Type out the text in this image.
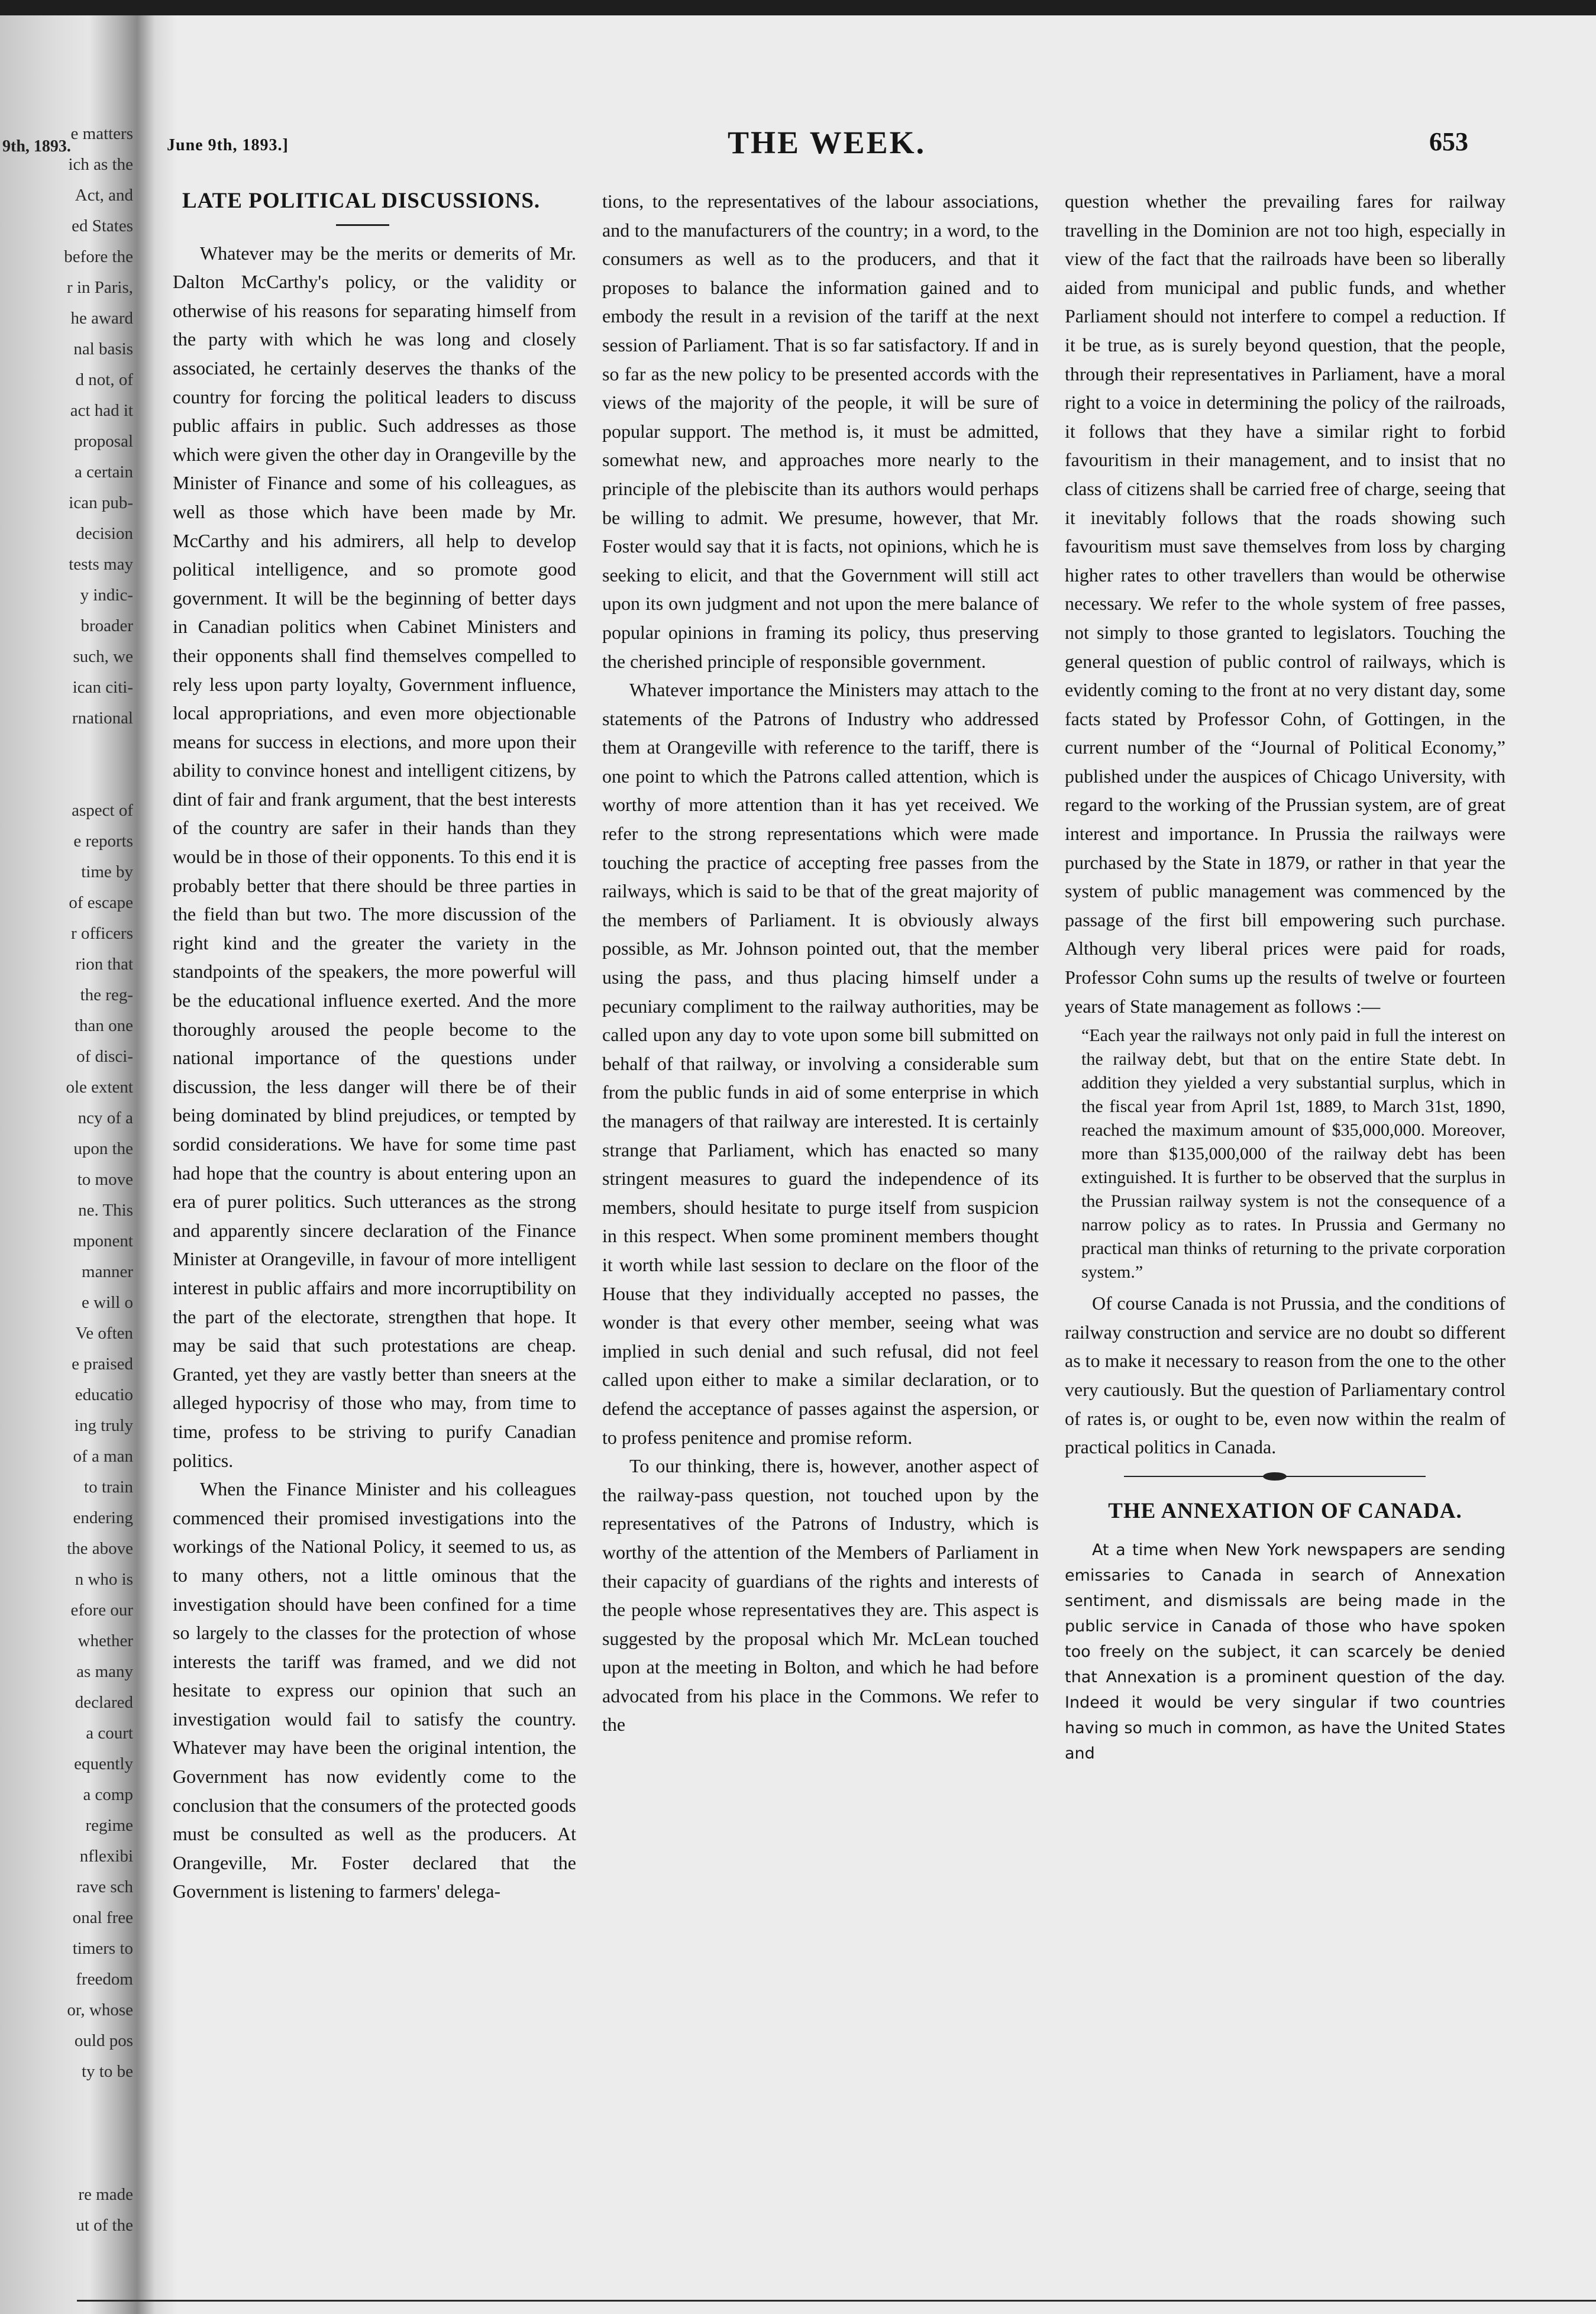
9th, 1893.
e matters
ich as the
Act, and
ed States
before the
r in Paris,
he award
nal basis
d not, of
act had it
proposal
a certain
ican pub-
decision
tests may
y indic-
broader
such, we
ican citi-
rnational
aspect of
e reports
time by
of escape
r officers
rion that
the reg-
than one
of disci-
ole extent
ncy of a
upon the
to move
ne. This
mponent
manner
e will o
Ve often
e praised
educatio
ing truly
of a man
to train
endering
the above
n who is
efore our
whether
as many
declared
a court
equently
a comp
regime
nflexibi
rave sch
onal free
timers to
freedom
or, whose
ould pos
ty to be
re made
ut of the
June 9th, 1893.]	THE WEEK.	653
LATE POLITICAL DISCUSSIONS.

Whatever may be the merits or demerits of Mr. Dalton McCarthy's policy, or the validity or otherwise of his reasons for separating himself from the party with which he was long and closely associated, he certainly deserves the thanks of the country for forcing the political leaders to discuss public affairs in public. Such addresses as those which were given the other day in Orangeville by the Minister of Finance and some of his colleagues, as well as those which have been made by Mr. McCarthy and his admirers, all help to develop political intelligence, and so promote good government. It will be the beginning of better days in Canadian politics when Cabinet Ministers and their opponents shall find themselves compelled to rely less upon party loyalty, Government influence, local appropriations, and even more objectionable means for success in elections, and more upon their ability to convince honest and intelligent citizens, by dint of fair and frank argument, that the best interests of the country are safer in their hands than they would be in those of their opponents. To this end it is probably better that there should be three parties in the field than but two. The more discussion of the right kind and the greater the variety in the standpoints of the speakers, the more powerful will be the educational influence exerted. And the more thoroughly aroused the people become to the national importance of the questions under discussion, the less danger will there be of their being dominated by blind prejudices, or tempted by sordid considerations. We have for some time past had hope that the country is about entering upon an era of purer politics. Such utterances as the strong and apparently sincere declaration of the Finance Minister at Orangeville, in favour of more intelligent interest in public affairs and more incorruptibility on the part of the electorate, strengthen that hope. It may be said that such protestations are cheap. Granted, yet they are vastly better than sneers at the alleged hypocrisy of those who may, from time to time, profess to be striving to purify Canadian politics.

When the Finance Minister and his colleagues commenced their promised investigations into the workings of the National Policy, it seemed to us, as to many others, not a little ominous that the investigation should have been confined for a time so largely to the classes for the protection of whose interests the tariff was framed, and we did not hesitate to express our opinion that such an investigation would fail to satisfy the country. Whatever may have been the original intention, the Government has now evidently come to the conclusion that the consumers of the protected goods must be consulted as well as the producers. At Orangeville, Mr. Foster declared that the Government is listening to farmers' delega-

tions, to the representatives of the labour associations, and to the manufacturers of the country; in a word, to the consumers as well as to the producers, and that it proposes to balance the information gained and to embody the result in a revision of the tariff at the next session of Parliament. That is so far satisfactory. If and in so far as the new policy to be presented accords with the views of the majority of the people, it will be sure of popular support. The method is, it must be admitted, somewhat new, and approaches more nearly to the principle of the plebiscite than its authors would perhaps be willing to admit. We presume, however, that Mr. Foster would say that it is facts, not opinions, which he is seeking to elicit, and that the Government will still act upon its own judgment and not upon the mere balance of popular opinions in framing its policy, thus preserving the cherished principle of responsible government.

Whatever importance the Ministers may attach to the statements of the Patrons of Industry who addressed them at Orangeville with reference to the tariff, there is one point to which the Patrons called attention, which is worthy of more attention than it has yet received. We refer to the strong representations which were made touching the practice of accepting free passes from the railways, which is said to be that of the great majority of the members of Parliament. It is obviously always possible, as Mr. Johnson pointed out, that the member using the pass, and thus placing himself under a pecuniary compliment to the railway authorities, may be called upon any day to vote upon some bill submitted on behalf of that railway, or involving a considerable sum from the public funds in aid of some enterprise in which the managers of that railway are interested. It is certainly strange that Parliament, which has enacted so many stringent measures to guard the independence of its members, should hesitate to purge itself from suspicion in this respect. When some prominent members thought it worth while last session to declare on the floor of the House that they individually accepted no passes, the wonder is that every other member, seeing what was implied in such denial and such refusal, did not feel called upon either to make a similar declaration, or to defend the acceptance of passes against the aspersion, or to profess penitence and promise reform.

To our thinking, there is, however, another aspect of the railway-pass question, not touched upon by the representatives of the Patrons of Industry, which is worthy of the attention of the Members of Parliament in their capacity of guardians of the rights and interests of the people whose representatives they are. This aspect is suggested by the proposal which Mr. McLean touched upon at the meeting in Bolton, and which he had before advocated from his place in the Commons. We refer to the

question whether the prevailing fares for railway travelling in the Dominion are not too high, especially in view of the fact that the railroads have been so liberally aided from municipal and public funds, and whether Parliament should not interfere to compel a reduction. If it be true, as is surely beyond question, that the people, through their representatives in Parliament, have a moral right to a voice in determining the policy of the railroads, it follows that they have a similar right to forbid favouritism in their management, and to insist that no class of citizens shall be carried free of charge, seeing that it inevitably follows that the roads showing such favouritism must save themselves from loss by charging higher rates to other travellers than would be otherwise necessary. We refer to the whole system of free passes, not simply to those granted to legislators. Touching the general question of public control of railways, which is evidently coming to the front at no very distant day, some facts stated by Professor Cohn, of Gottingen, in the current number of the “Journal of Political Economy,” published under the auspices of Chicago University, with regard to the working of the Prussian system, are of great interest and importance. In Prussia the railways were purchased by the State in 1879, or rather in that year the system of public management was commenced by the passage of the first bill empowering such purchase. Although very liberal prices were paid for roads, Professor Cohn sums up the results of twelve or fourteen years of State management as follows :—

“Each year the railways not only paid in full the interest on the railway debt, but that on the entire State debt. In addition they yielded a very substantial surplus, which in the fiscal year from April 1st, 1889, to March 31st, 1890, reached the maximum amount of $35,000,000. Moreover, more than $135,000,000 of the railway debt has been extinguished. It is further to be observed that the surplus in the Prussian railway system is not the consequence of a narrow policy as to rates. In Prussia and Germany no practical man thinks of returning to the private corporation system.”

Of course Canada is not Prussia, and the conditions of railway construction and service are no doubt so different as to make it necessary to reason from the one to the other very cautiously. But the question of Parliamentary control of rates is, or ought to be, even now within the realm of practical politics in Canada.

THE ANNEXATION OF CANADA.

At a time when New York newspapers are sending emissaries to Canada in search of Annexation sentiment, and dismissals are being made in the public service in Canada of those who have spoken too freely on the subject, it can scarcely be denied that Annexation is a prominent question of the day. Indeed it would be very singular if two countries having so much in common, as have the United States and
